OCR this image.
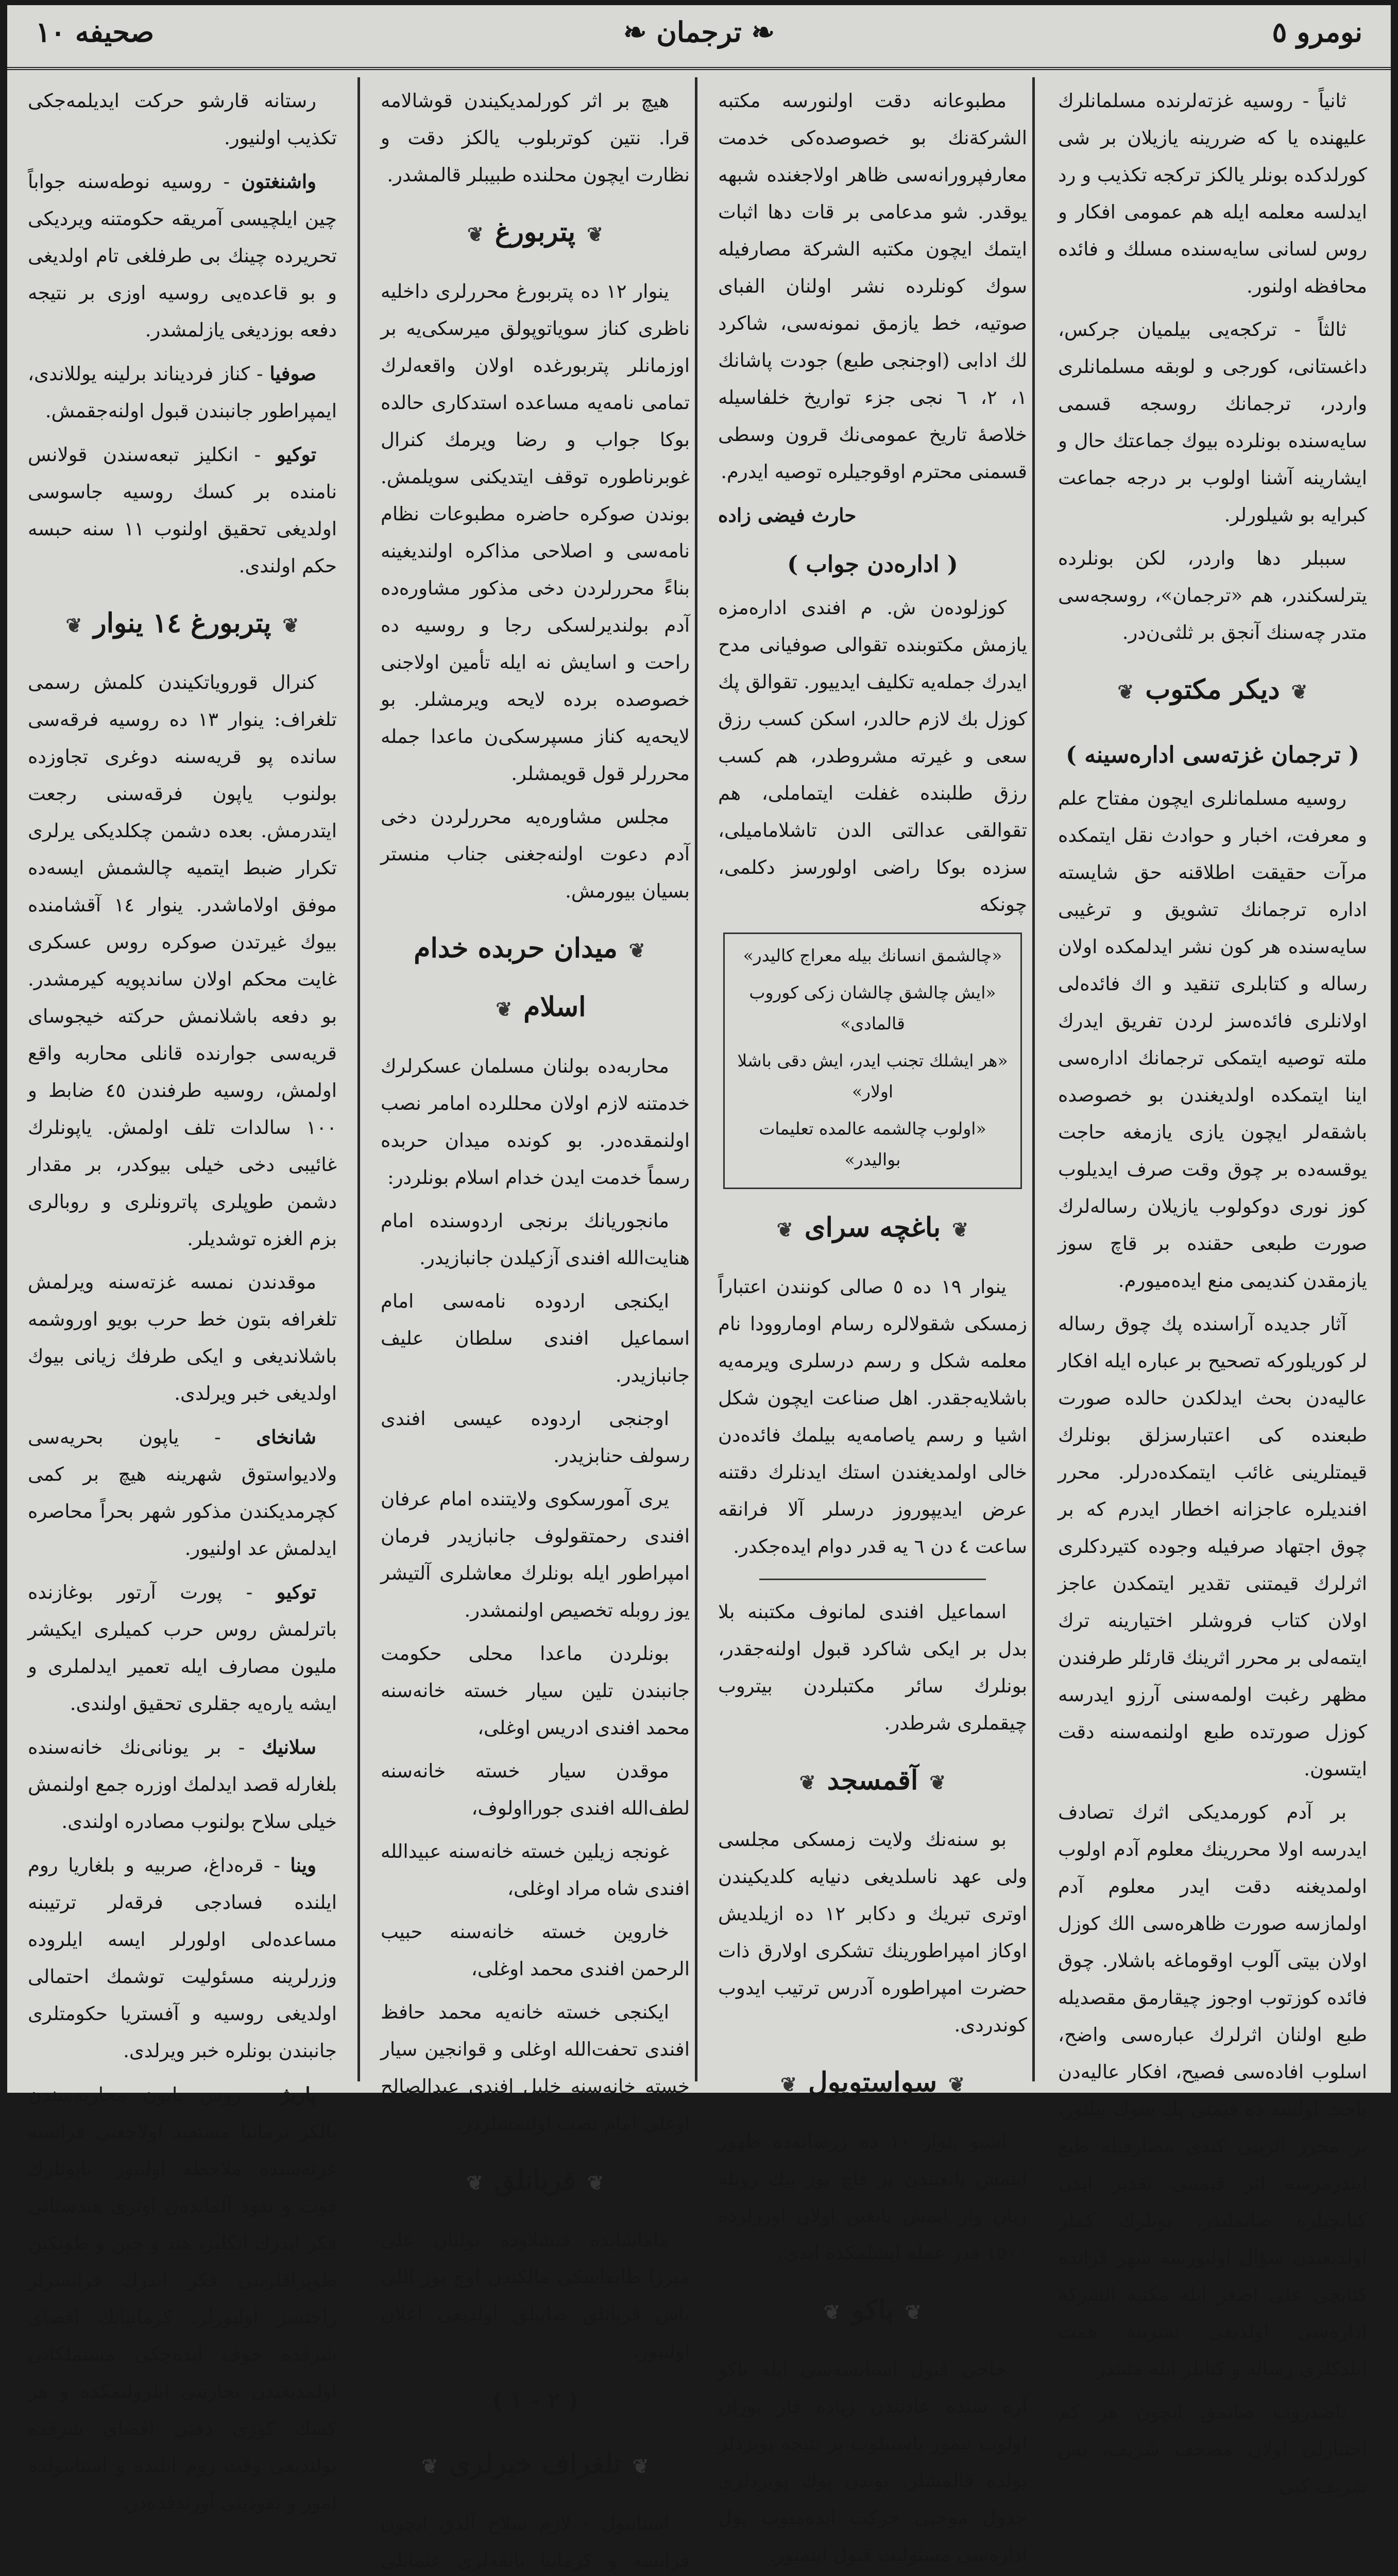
صحیفه ١٠	❧ ترجمان ❧	نومرو ٥

ثانیاً - روسیه غزته‌لرنده مسلمانلرك علیهنده یا که ضررینه یازیلان بر شی کورلدکده بونلر یالکز ترکجه تکذیب و رد ایدلسه معلمه ایله هم عمومی افکار و روس لسانی سایه‌سنده مسلك و فائده محافظه اولنور.

ثالثاً - ترکجه‌یی بیلمیان جرکس، داغستانی، کورجی و لوبقه مسلمانلری واردر، ترجمانك روسجه قسمی سایه‌سنده بونلرده بیوك جماعتك حال و ایشارینه آشنا اولوب بر درجه جماعت کبرایه بو شیلورلر.

سببلر دها واردر، لکن بونلرده یترلسکندر، هم «ترجمان»، روسجه‌سی متدر چه‌سنك آنجق بر ثلثی‌ن‌در.

❦دیکر مکتوب❦
( ترجمان غزته‌سی اداره‌سینه )

روسیه مسلمانلری ایچون مفتاح علم و معرفت، اخبار و حوادث نقل ایتمکده مرآت حقیقت اطلاقنه حق شایسته اداره ترجمانك تشویق و ترغیبی سایه‌سنده هر کون نشر ایدلمکده اولان رساله و کتابلری تنقید و اك فائده‌لی اولانلری فائده‌سز لردن تفریق ایدرك ملته توصیه ایتمکی ترجمانك اداره‌سی اینا ایتمکده اولدیغندن بو خصوصده باشقه‌لر ایچون یازی یازمغه حاجت یوقسه‌ده بر چوق وقت صرف ایدیلوب کوز نوری دوکولوب یازیلان رساله‌لرك صورت طبعی حقنده بر قاچ سوز یازمقدن کندیمی منع ایده‌میورم.

آثار جدیده آراسنده پك چوق رساله لر کوریلورکه تصحیح بر عباره ایله افکار عالیه‌دن بحث ایدلکدن حالده صورت طبعنده کی اعتبارسزلق بونلرك قیمتلرینی غائب ایتمکده‌درلر. محرر افندیلره عاجزانه اخطار ایدرم که بر چوق اجتهاد صرفیله وجوده کتیردکلری اثرلرك قیمتنی تقدیر ایتمکدن عاجز اولان کتاب فروشلر اختیارینه ترك ایتمه‌لی بر محرر اثرینك قارئلر طرفندن مظهر رغبت اولمه‌سنی آرزو ایدرسه کوزل صورتده طبع اولنمه‌سنه دقت ایتسون.

بر آدم کورمدیکی اثرك تصادف ایدرسه اولا محررینك معلوم آدم اولوب اولمدیغنه دقت ایدر معلوم آدم اولمازسه صورت ظاهره‌سی الك کوزل اولان بیتی آلوب اوقوماغه باشلار. چوق فائده کوزتوب اوجوز چیقارمق مقصدیله طبع اولنان اثرلرك عباره‌سی واضح، اسلوب افاده‌سی فصیح، افکار عالیه‌دن باحث اولسه ده قیمتی پك سوك بیلنور، بر محرر اثرینی کندی مصارفیله طبع ایتدرمزسه اثر قیمتنی تقدیر ایدن کتابچیلره صاتملیدر، بونلرك کملر اولدیغندن سؤال اولنورسه شهر قزانده کتابچی علی اصغر ایله مکتبه الشرکة اداره‌سی اولدیغی نشرینه همت ایلدکلری رساله و کتابلر ایله مثبتدر.

باصدروب صاتمق ایچون هر کم اختیارلی اولان مصحف شریف، یس شریف کبی

مطبوعانه دقت اولنورسه مکتبه الشرکة‌نك بو خصوصده‌کی خدمت معارفپرورانه‌سی ظاهر اولاجغنده شبهه یوقدر. شو مدعامی بر قات دها اثبات ایتمك ایچون مکتبه الشرکة مصارفیله سوك کونلرده نشر اولنان الفبای صوتیه، خط یازمق نمونه‌سی، شاکرد لك ادابی (اوجنجی طبع) جودت پاشانك ١، ٢، ٦ نجی جزء تواریخ خلفاسیله خلاصهٔ تاریخ عمومی‌نك قرون وسطی قسمنی محترم اوقوجیلره توصیه ایدرم.

حارث فیضی زاده

( اداره‌دن جواب )

کوزلوده‌ن ش. م افندی اداره‌مزه یازمش مکتوبنده تقوالی صوفیانی مدح ایدرك جمله‌یه تکلیف ایدییور. تقوالق پك کوزل بك لازم حالدر، اسکن کسب رزق سعی و غیرته مشروطدر، هم کسب رزق طلبنده غفلت ایتماملی، هم تقوالقی عدالتی الدن تاشلامامیلی، سزده بوکا راضی اولورسز دکلمی، چونکه

«چالشمق انسانك بیله معراج کالیدر»

«ایش چالشق چالشان زکی کوروب قالمادی»

«هر ایشلك تجنب ایدر، ایش دقی باشلا اولار»

«اولوب چالشمه عالمده تعلیمات بوالیدر»

❦باغچه سرای❦

ینوار ١٩ ده ٥ صالی کونندن اعتباراً زمسکی شقولالره رسام اوماروودا نام معلمه شکل و رسم درسلری ویرمه‌یه باشلایه‌جقدر. اهل صناعت ایچون شکل اشیا و رسم یاصامه‌یه بیلمك فائده‌دن خالی اولمدیغندن استك ایدنلرك دقتنه عرض ایدیپوروز درسلر آلا فرانقه ساعت ٤ دن ٦ یه قدر دوام ایده‌جکدر.

اسماعیل افندی لمانوف مکتبنه بلا بدل بر ایکی شاکرد قبول اولنه‌جقدر، بونلرك سائر مکتبلردن بیتروب چیقملری شرطدر.

❦آقمسجد❦

بو سنه‌نك ولایت زمسکی مجلسی ولی عهد ناسلدیغی دنیایه کلدیکیندن اوتری تبریك و دکابر ١٢ ده ازیلدیش اوکاز امپراطورینك تشکری اولارق ذات حضرت امپراطوره آدرس ترتیب ایدوب کوندردی.

❦سواستوپول❦

اشبو ینوار ١٠ ده زرسانه‌ده ظهور ایتمش یانغیندن بر قاچ یوز بیك روبله زیان وار ایمش یانغین اولان اوزرلرده ١٥٠٠ قدر عمله ایشلمکده ایدی.

❦باکو❦

حاجی قبول استانسه‌سی ایله باکو آره سنده عادتندن زیاده قار بوران اولوب تیمور یاستیلوب بر نتیجه پویزدلر یولده قالمشلر. بوندن پوك پویزدلری جدول موجبی حرکت ایده‌میوب یول اداره‌سی مسئولیت قبول ایتمیور.

هیچ بر اثر کورلمدیکیندن قوشالامه قرا. نتین کوتربلوب یالکز دقت و نظارت ایچون محلنده طبیبلر قالمشدر.

❦پتربورغ❦

ینوار ١٢ ده پتربورغ محررلری داخلیه ناظری کناز سویاتوپولق میرسکی‌یه بر اوزمانلر پتربورغده اولان واقعه‌لرك تمامی نامه‌یه مساعده استدکاری حالده بوکا جواب و رضا ویرمك کنرال غوبرناطوره توقف ایتدیکنی سویلمش. بوندن صوکره حاضره مطبوعات نظام نامه‌سی و اصلاحی مذاکره اولندیغینه بناءً محررلردن دخی مذکور مشاوره‌ده آدم بولندیرلسکی رجا و روسیه ده راحت و اسایش نه ایله تأمین اولاجنی خصوصده برده لایحه ویرمشلر. بو لایحه‌یه کناز مسپرسکی‌ن ماعدا جمله محررلر قول قویمشلر.

مجلس مشاوره‌یه محررلردن دخی آدم دعوت اولنه‌جغنی جناب منستر بسیان بیورمش.

❦میدان حربده خدام اسلام❦

محاربه‌ده بولنان مسلمان عسکرلرك خدمتنه لازم اولان محللرده امامر نصب اولنمقده‌در. بو کونده میدان حربده رسماً خدمت ایدن خدام اسلام بونلردر:

مانجوریانك برنجی اردوسنده امام هنایت‌الله افندی آزکیلدن جانبازیدر.

ایکنجی اردوده نامه‌سی امام اسماعیل افندی سلطان علیف جانبازیدر.

اوجنجی اردوده عیسی افندی رسولف حنابزیدر.

یری آمورسکوی ولایتنده امام عرفان افندی رحمتقولوف جانبازیدر فرمان امپراطور ایله بونلرك معاشلری آلتیشر یوز روبله تخصیص اولنمشدر.

بونلردن ماعدا محلی حکومت جانبندن تلین سیار خسته خانه‌سنه محمد افندی ادریس اوغلی،

موقدن سیار خسته خانه‌سنه لطف‌الله افندی جورااولوف،

غونجه زیلین خسته خانه‌سنه عبیدالله افندی شاه مراد اوغلی،

خاروین خسته خانه‌سنه حبیب الرحمن افندی محمد اوغلی،

ایکنجی خسته خانه‌یه محمد حافظ افندی تحفت‌الله اوغلی و قوانجین سیار خسته خانه‌سنه خلیل افندی عبدالصالح اوغلی امام نصب اولنمشلردر.

❦قربانلق❦

ماماشایده قیشلاوده بولنان علی میرزا طایفاسکی مالکندن اوچ یوز اللی باش قربانلق صاتیلق اولدیغی اعلان اولنیور.

( ٢ - ١ )
❦تلغراف خبرلری❦

استانبول - لازم سلاح آلدق ایچون فرانسه و کرمانیا بانقه‌لری عثمانلی

رستانه قارشو حرکت ایدیلمه‌جکی تکذیب اولنیور.

واشنغتون - روسیه نوطه‌سنه جواباً چین ایلچیسی آمریقه حکومتنه ویردیکی تحریرده چینك بی طرفلغی تام اولدیغی و بو قاعده‌یی روسیه اوزی بر نتیجه دفعه بوزدیغی یازلمشدر.

صوفیا - کناز فردیناند برلینه یوللاندی، ایمپراطور جانبندن قبول اولنه‌جقمش.

توکیو - انکلیز تبعه‌سندن قولانس نامنده بر کسك روسیه جاسوسی اولدیغی تحقیق اولنوب ١١ سنه حبسه حکم اولندی.

❦پتربورغ ١٤ ینوار❦

کنرال قورویاتکیندن کلمش رسمی تلغراف: ینوار ١٣ ده روسیه فرقه‌سی سانده پو قریه‌سنه دوغری تجاوزده بولنوب یاپون فرقه‌سنی رجعت ایتدرمش. بعده دشمن چکلدیکی یرلری تکرار ضبط ایتمیه چالشمش ایسه‌ده موفق اولاماشدر. ینوار ١٤ آقشامنده بیوك غیرتدن صوکره روس عسکری غایت محکم اولان ساندپویه کیرمشدر. بو دفعه باشلانمش حرکته خیجوسای قریه‌سی جوارنده قانلی محاربه واقع اولمش، روسیه طرفندن ٤٥ ضابط و ١٠٠ سالدات تلف اولمش. یاپونلرك غائیبی دخی خیلی بیوکدر، بر مقدار دشمن طوپلری پاترونلری و روبالری بزم الغزه توشدیلر.

موقدندن نمسه غزته‌سنه ویرلمش تلغرافه بتون خط حرب بویو اوروشمه باشلاندیغی و ایکی طرفك زیانی بیوك اولدیغی خبر ویرلدی.

شانخای - یاپون بحریه‌سی ولادیواستوق شهرینه هیچ بر کمی کچرمدیکندن مذکور شهر بحراً محاصره ایدلمش عد اولنیور.

توکیو - پورت آرتور بوغازنده باترلمش روس حرب کمیلری ایکیشر ملیون مصارف ایله تعمیر ایدلملری و ایشه یاره‌یه جقلری تحقیق اولندی.

سلانیك - بر یونانی‌نك خانه‌سنده بلغارله قصد ایدلمك اوزره جمع اولنمش خیلی سلاح بولنوب مصادره اولندی.

وینا - قره‌داغ، صربیه و بلغاریا روم ایلنده فسادجی فرقه‌لر ترتیبنه مساعده‌لی اولورلر ایسه ایلروده وزرلرینه مسئولیت توشمك احتمالی اولدیغی روسیه و آفستریا حکومتلری جانبندن بونلره خبر ویرلدی.

پاریژ - روس یاپون محاربه‌سندن یالکز ترمانیا مستفید اولاجغنی فرانسه غزته‌سنده ملاحظه اولنیور. یاپونلرك قوت و نفوذ آلمانده‌ن اوتری هندستانی فکر ایدرك انکلیز، هند و چین و طونکین طوپراقلرینی فکر ایدرك فرانسزلر راحتسز اولیورلر. کرمانیانك اقصای شرقده خوف ایده‌جکی مستملکاتی اولمدیغندن تجارتنی ایلرولتمکده و هر کسك کوزی دقتی اقصای شرقده بولندیغی وقت روم ایلنده و استانبولده امور و نفوذینی آورتدقده‌در.
